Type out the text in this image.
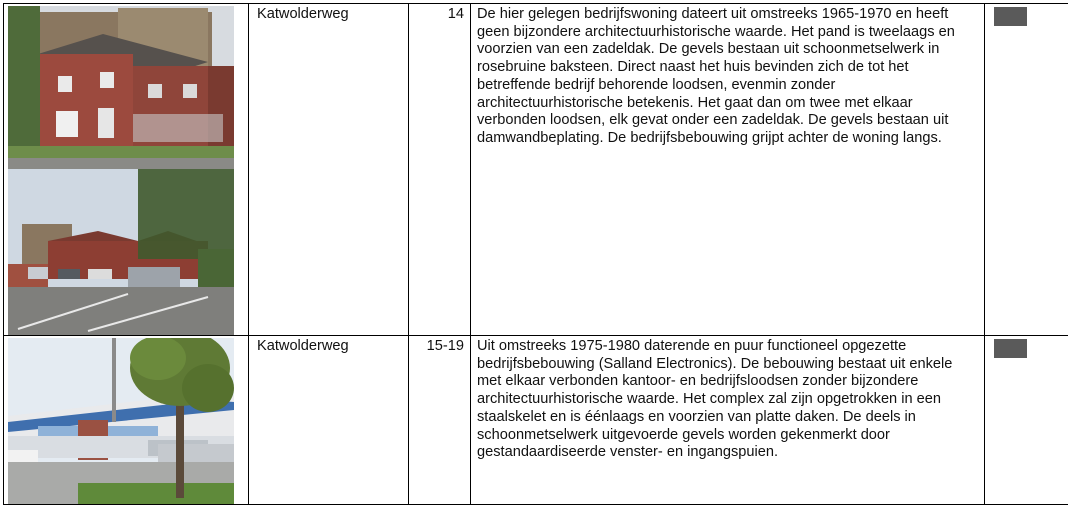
Katwolderweg	14	De hier gelegen bedrijfswoning dateert uit omstreeks 1965-1970 en heeft geen bijzondere architectuurhistorische waarde. Het pand is tweelaags en voorzien van een zadeldak. De gevels bestaan uit schoonmetselwerk in rosebruine baksteen. Direct naast het huis bevinden zich de tot het betreffende bedrijf behorende loodsen, evenmin zonder architectuurhistorische betekenis. Het gaat dan om twee met elkaar verbonden loodsen, elk gevat onder een zadeldak. De gevels bestaan uit damwandbeplating. De bedrijfsbebouwing grijpt achter de woning langs.	

Katwolderweg	15-19	Uit omstreeks 1975-1980 daterende en puur functioneel opgezette bedrijfsbebouwing (Salland Electronics). De bebouwing bestaat uit enkele met elkaar verbonden kantoor- en bedrijfsloodsen zonder bijzondere architectuurhistorische waarde. Het complex zal zijn opgetrokken in een staalskelet en is éénlaags en voorzien van platte daken. De deels in schoonmetselwerk uitgevoerde gevels worden gekenmerkt door gestandaardiseerde venster- en ingangspuien.	
